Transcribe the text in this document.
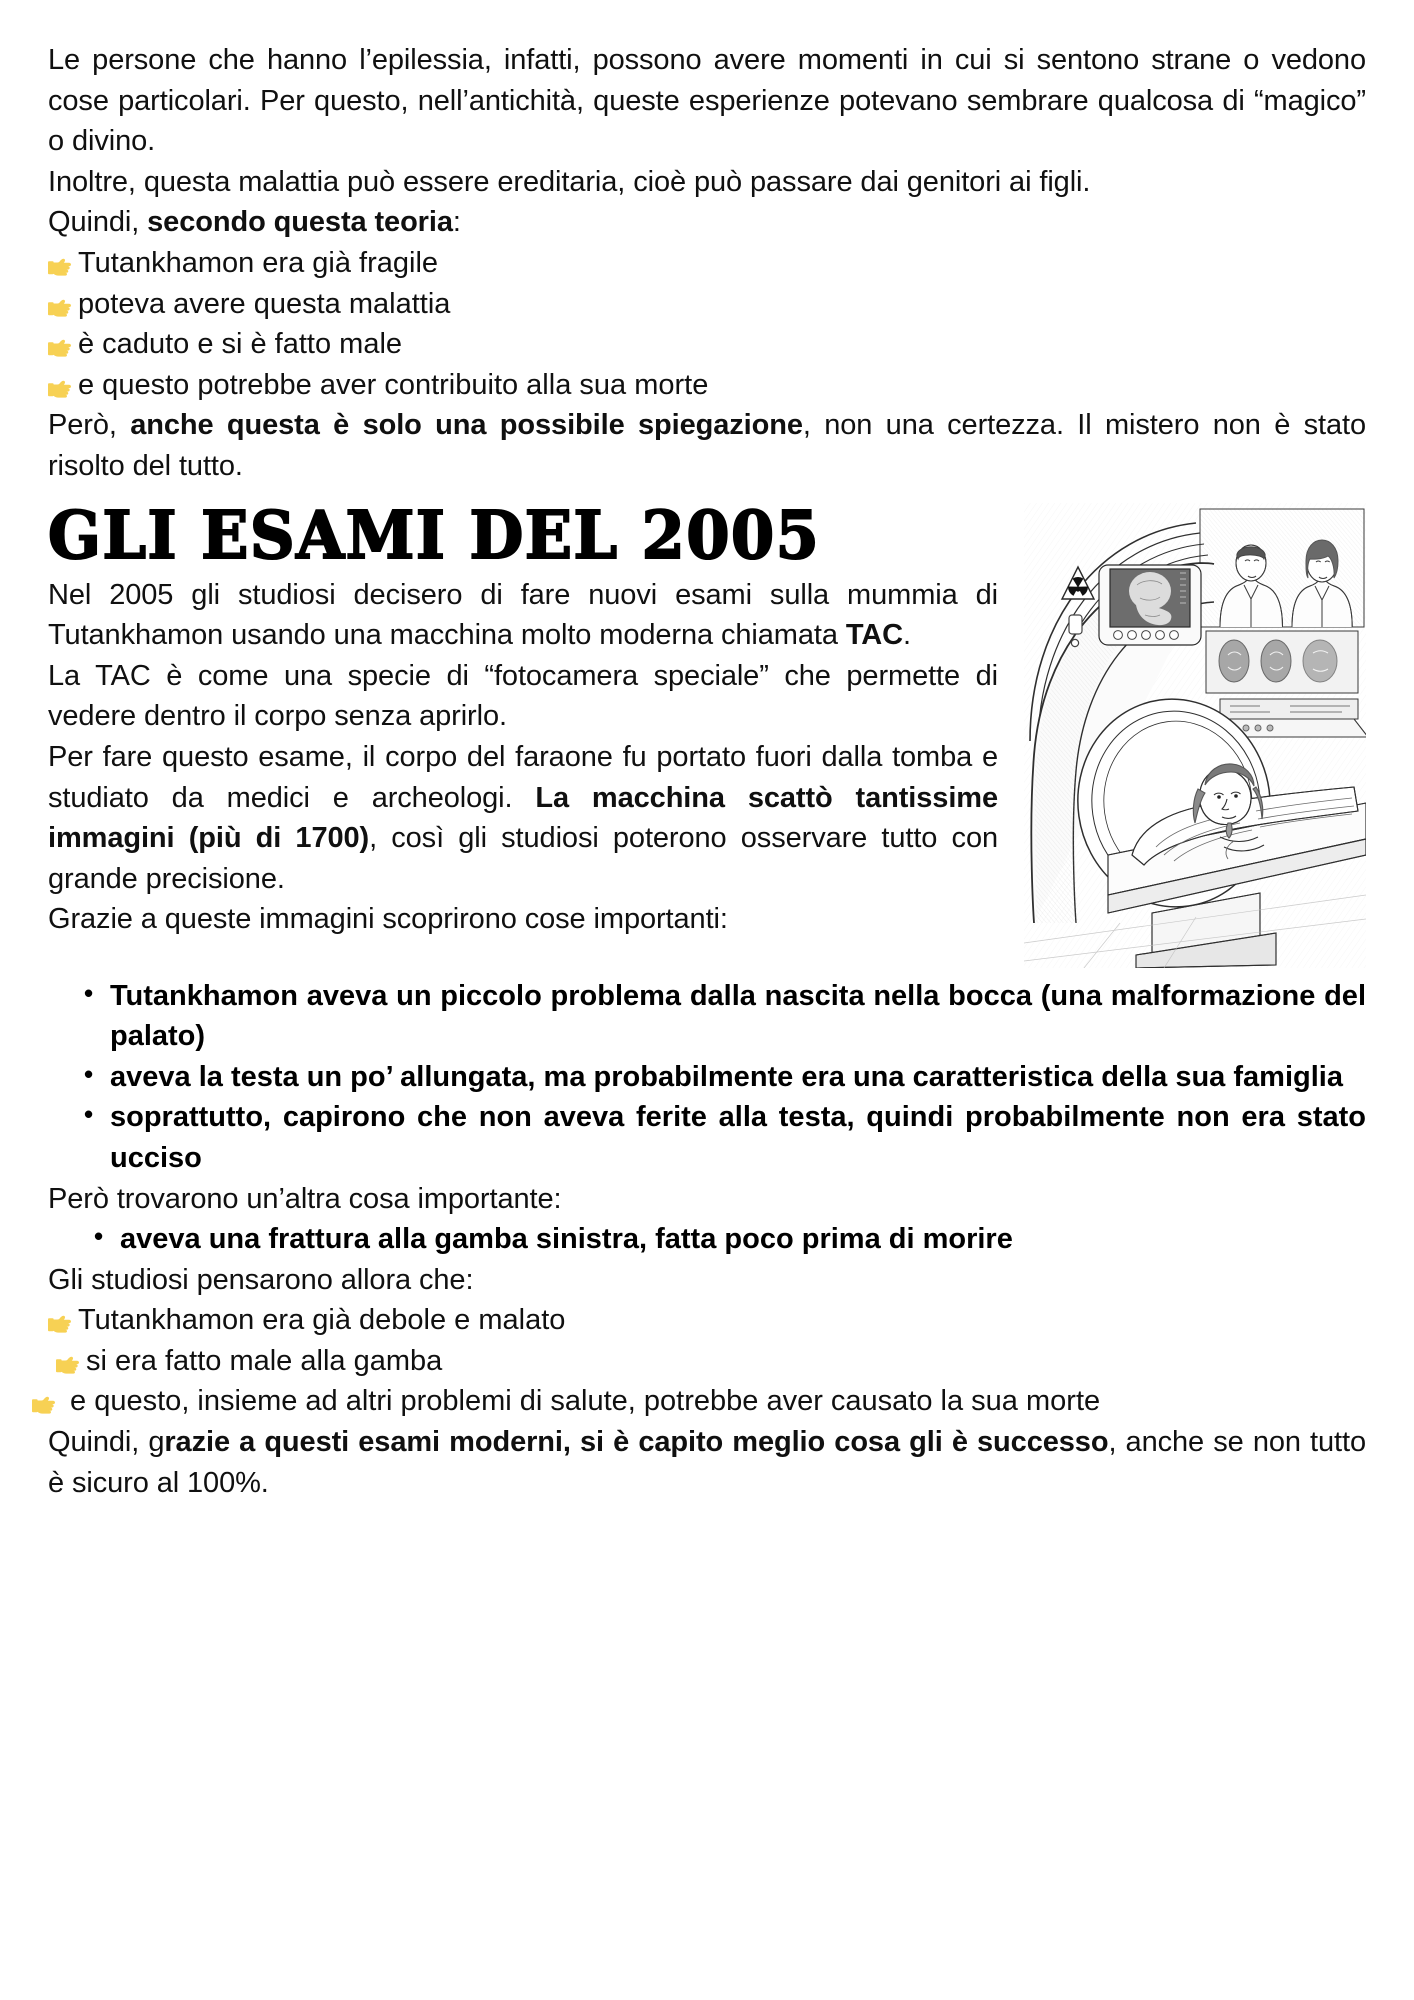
Le persone che hanno l’epilessia, infatti, possono avere momenti in cui si sentono strane o vedono cose particolari. Per questo, nell’antichità, queste esperienze potevano sembrare qualcosa di “magico” o divino.

Inoltre, questa malattia può essere ereditaria, cioè può passare dai genitori ai figli.

Quindi, secondo questa teoria:

Tutankhamon era già fragile

poteva avere questa malattia

è caduto e si è fatto male

e questo potrebbe aver contribuito alla sua morte

Però, anche questa è solo una possibile spiegazione, non una certezza. Il mistero non è stato risolto del tutto.

GLI ESAMI DEL 2005

Nel 2005 gli studiosi decisero di fare nuovi esami sulla mummia di Tutankhamon usando una macchina molto moderna chiamata TAC.

La TAC è come una specie di “fotocamera speciale” che permette di vedere dentro il corpo senza aprirlo.

Per fare questo esame, il corpo del faraone fu portato fuori dalla tomba e studiato da medici e archeologi. La macchina scattò tantissime immagini (più di 1700), così gli studiosi poterono osservare tutto con grande precisione.

Grazie a queste immagini scoprirono cose importanti:

• Tutankhamon aveva un piccolo problema dalla nascita nella bocca (una malformazione del palato)
• aveva la testa un po’ allungata, ma probabilmente era una caratteristica della sua famiglia
• soprattutto, capirono che non aveva ferite alla testa, quindi probabilmente non era stato ucciso

Però trovarono un’altra cosa importante:

• aveva una frattura alla gamba sinistra, fatta poco prima di morire

Gli studiosi pensarono allora che:

Tutankhamon era già debole e malato

si era fatto male alla gamba

e questo, insieme ad altri problemi di salute, potrebbe aver causato la sua morte

Quindi, grazie a questi esami moderni, si è capito meglio cosa gli è successo, anche se non tutto è sicuro al 100%.
